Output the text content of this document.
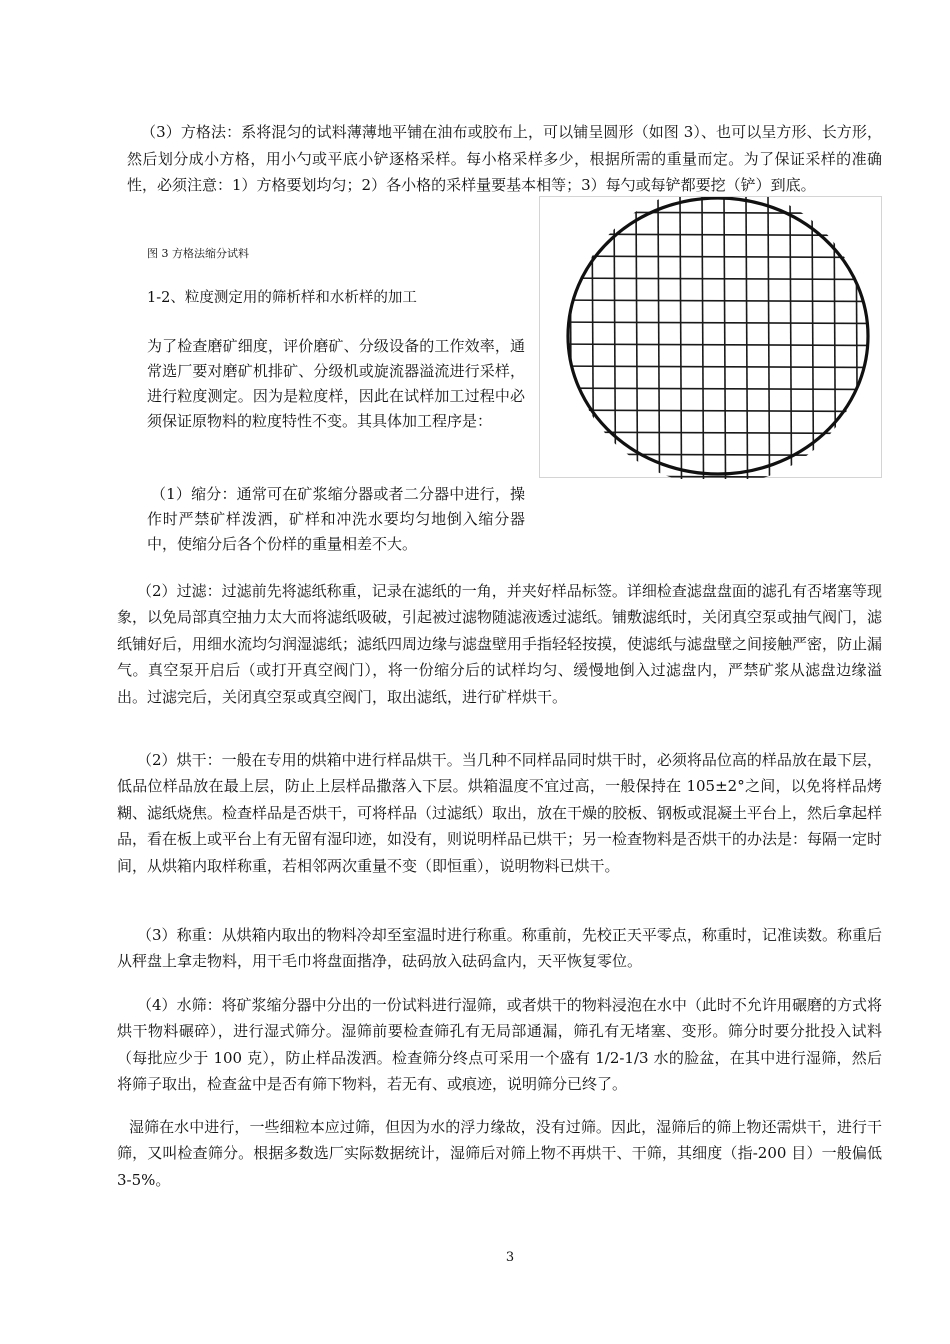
（3）方格法：系将混匀的试料薄薄地平铺在油布或胶布上，可以铺呈圆形（如图 3）、也可以呈方形、长方形，然后划分成小方格，用小勺或平底小铲逐格采样。每小格采样多少，根据所需的重量而定。为了保证采样的准确性，必须注意：1）方格要划均匀；2）各小格的采样量要基本相等；3）每勺或每铲都要挖（铲）到底。

图 3 方格法缩分试料

1-2、粒度测定用的筛析样和水析样的加工

为了检查磨矿细度，评价磨矿、分级设备的工作效率，通常选厂要对磨矿机排矿、分级机或旋流器溢流进行采样，进行粒度测定。因为是粒度样，因此在试样加工过程中必须保证原物料的粒度特性不变。其具体加工程序是：

（1）缩分：通常可在矿浆缩分器或者二分器中进行，操作时严禁矿样泼洒，矿样和冲洗水要均匀地倒入缩分器中，使缩分后各个份样的重量相差不大。

（2）过滤：过滤前先将滤纸称重，记录在滤纸的一角，并夹好样品标签。详细检查滤盘盘面的滤孔有否堵塞等现象，以免局部真空抽力太大而将滤纸吸破，引起被过滤物随滤液透过滤纸。铺敷滤纸时，关闭真空泵或抽气阀门，滤纸铺好后，用细水流均匀润湿滤纸；滤纸四周边缘与滤盘壁用手指轻轻按摸，使滤纸与滤盘壁之间接触严密，防止漏气。真空泵开启后（或打开真空阀门），将一份缩分后的试样均匀、缓慢地倒入过滤盘内，严禁矿浆从滤盘边缘溢出。过滤完后，关闭真空泵或真空阀门，取出滤纸，进行矿样烘干。

（2）烘干：一般在专用的烘箱中进行样品烘干。当几种不同样品同时烘干时，必须将品位高的样品放在最下层，低品位样品放在最上层，防止上层样品撒落入下层。烘箱温度不宜过高，一般保持在 105±2°之间，以免将样品烤糊、滤纸烧焦。检查样品是否烘干，可将样品（过滤纸）取出，放在干燥的胶板、钢板或混凝土平台上，然后拿起样品，看在板上或平台上有无留有湿印迹，如没有，则说明样品已烘干；另一检查物料是否烘干的办法是：每隔一定时间，从烘箱内取样称重，若相邻两次重量不变（即恒重），说明物料已烘干。

（3）称重：从烘箱内取出的物料冷却至室温时进行称重。称重前，先校正天平零点，称重时，记准读数。称重后从秤盘上拿走物料，用干毛巾将盘面揩净，砝码放入砝码盒内，天平恢复零位。

（4）水筛：将矿浆缩分器中分出的一份试料进行湿筛，或者烘干的物料浸泡在水中（此时不允许用碾磨的方式将烘干物料碾碎），进行湿式筛分。湿筛前要检查筛孔有无局部通漏，筛孔有无堵塞、变形。筛分时要分批投入试料（每批应少于 100 克），防止样品泼洒。检查筛分终点可采用一个盛有 1/2-1/3 水的脸盆，在其中进行湿筛，然后将筛子取出，检查盆中是否有筛下物料，若无有、或痕迹，说明筛分已终了。

湿筛在水中进行，一些细粒本应过筛，但因为水的浮力缘故，没有过筛。因此，湿筛后的筛上物还需烘干，进行干筛，又叫检查筛分。根据多数选厂实际数据统计，湿筛后对筛上物不再烘干、干筛，其细度（指-200 目）一般偏低 3-5%。

3
